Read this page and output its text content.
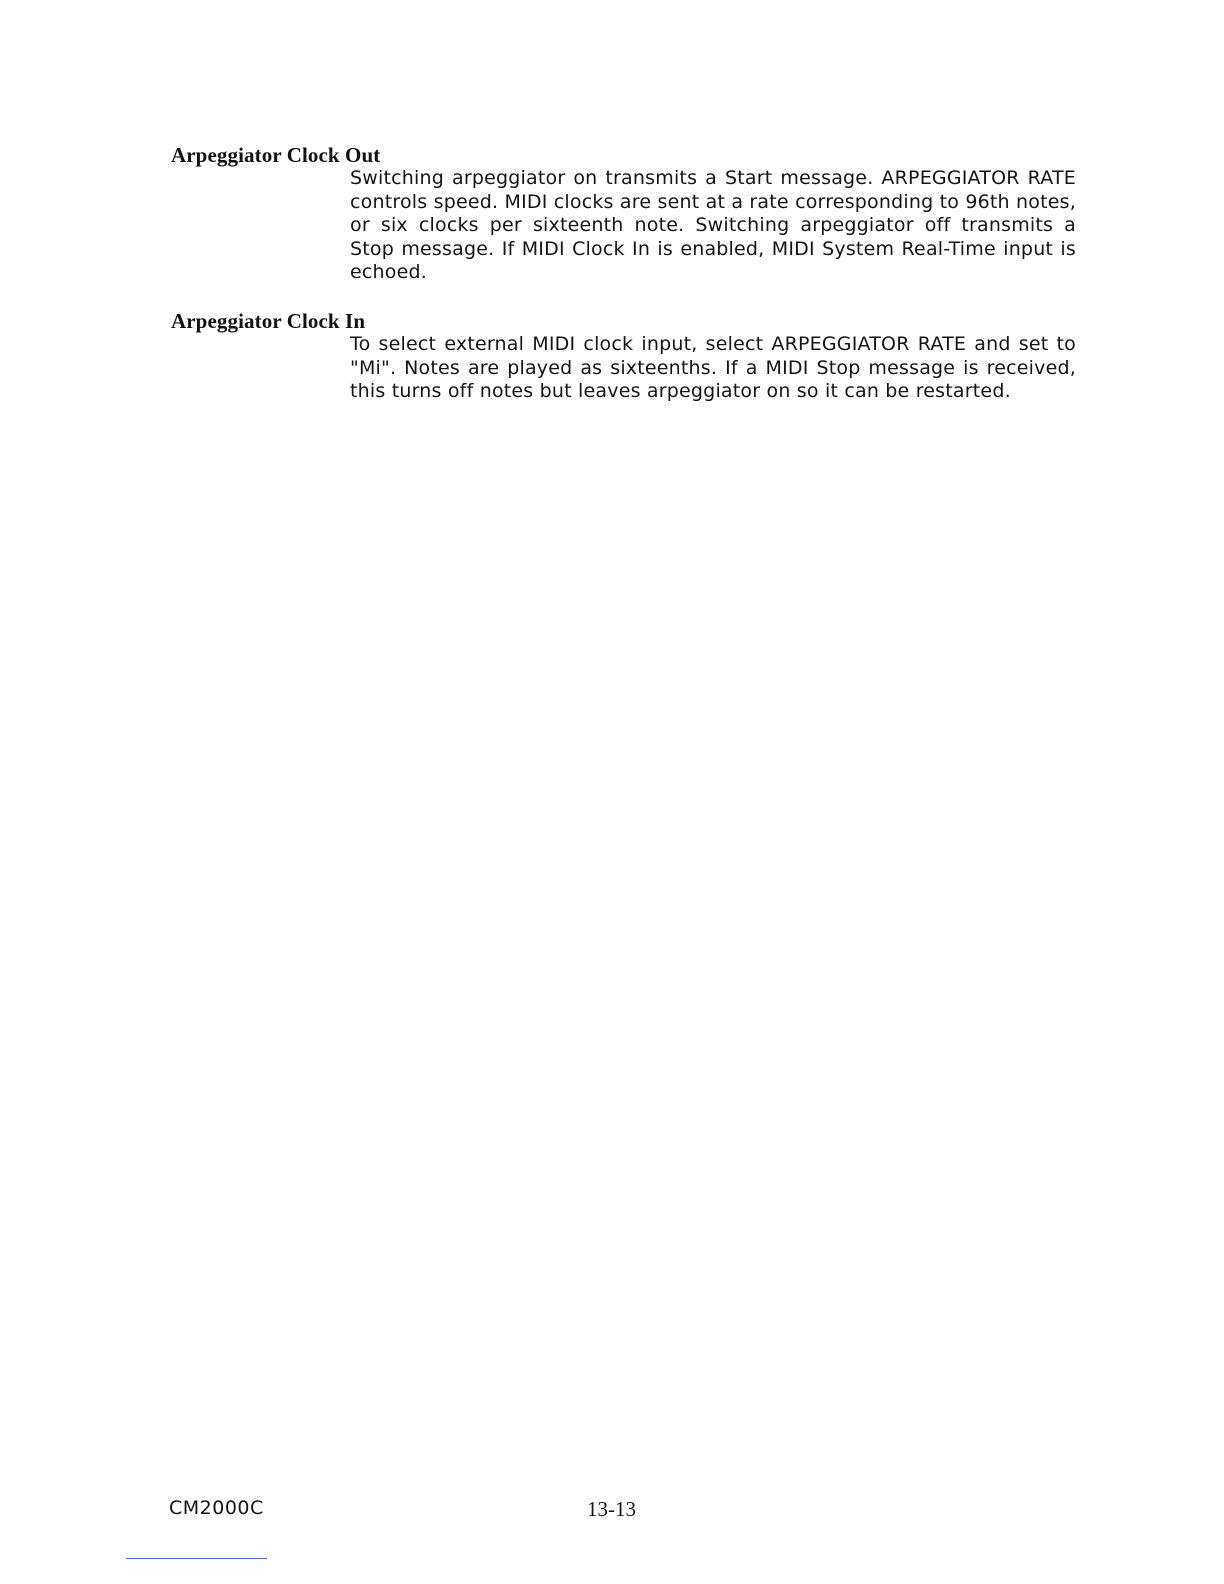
Arpeggiator Clock Out

Switching arpeggiator on transmits a Start message. ARPEGGIATOR RATE controls speed. MIDI clocks are sent at a rate corresponding to 96th notes, or six clocks per sixteenth note. Switching arpeggiator off transmits a Stop message. If MIDI Clock In is enabled, MIDI System Real-Time input is echoed.

Arpeggiator Clock In

To select external MIDI clock input, select ARPEGGIATOR RATE and set to "Mi". Notes are played as sixteenths. If a MIDI Stop message is received, this turns off notes but leaves arpeggiator on so it can be restarted.

CM2000C	13-13
